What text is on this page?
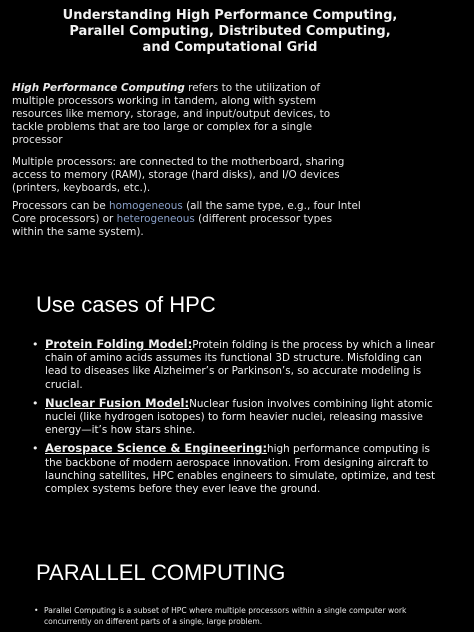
Understanding High Performance Computing, Parallel Computing, Distributed Computing, and Computational Grid
High Performance Computing refers to the utilization of multiple processors working in tandem, along with system resources like memory, storage, and input/output devices, to tackle problems that are too large or complex for a single processor
Multiple processors: are connected to the motherboard, sharing access to memory (RAM), storage (hard disks), and I/O devices (printers, keyboards, etc.).
Processors can be homogeneous (all the same type, e.g., four Intel Core processors) or heterogeneous (different processor types within the same system).
Use cases of HPC
• Protein Folding Model:Protein folding is the process by which a linear chain of amino acids assumes its functional 3D structure. Misfolding can lead to diseases like Alzheimer’s or Parkinson’s, so accurate modeling is crucial.
• Nuclear Fusion Model:Nuclear fusion involves combining light atomic nuclei (like hydrogen isotopes) to form heavier nuclei, releasing massive energy—it’s how stars shine.
• Aerospace Science & Engineering:high performance computing is the backbone of modern aerospace innovation. From designing aircraft to launching satellites, HPC enables engineers to simulate, optimize, and test complex systems before they ever leave the ground.
PARALLEL COMPUTING
• Parallel Computing is a subset of HPC where multiple processors within a single computer work concurrently on different parts of a single, large problem.
